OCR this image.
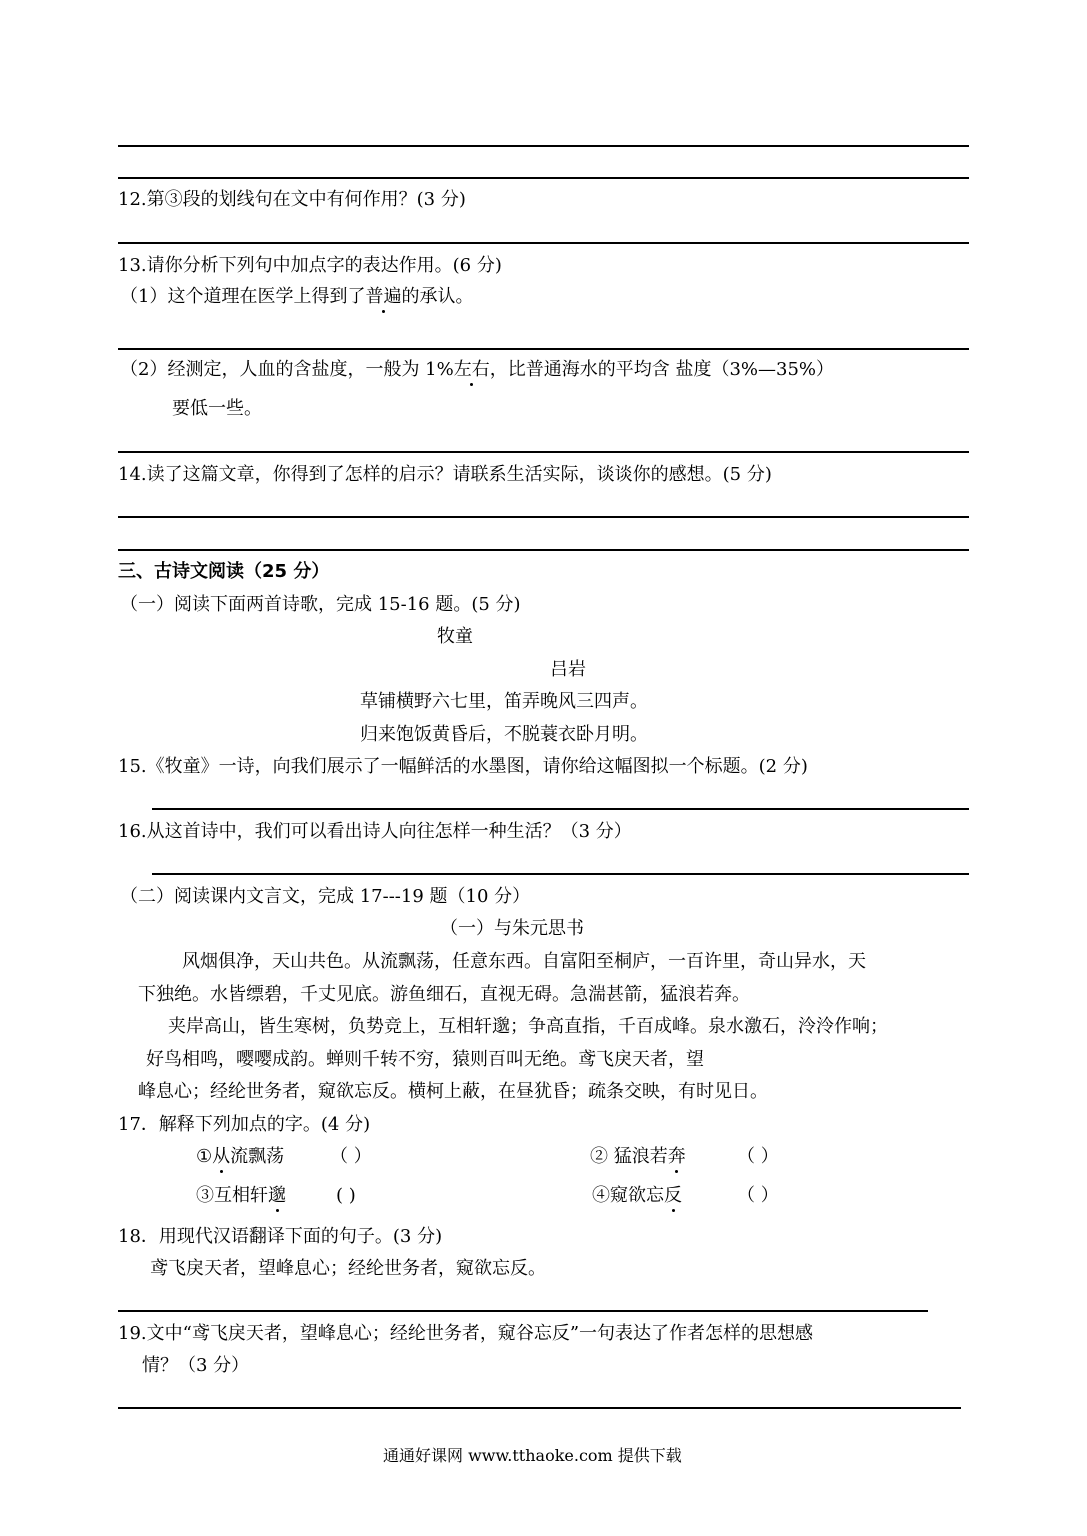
12.第③段的划线句在文中有何作用？(3 分)
13.请你分析下列句中加点字的表达作用。(6 分)
（1）这个道理在医学上得到了普遍的承认。
（2）经测定，人血的含盐度，一般为 1%左右，比普通海水的平均含 盐度（3%—35%）
要低一些。
14.读了这篇文章，你得到了怎样的启示？请联系生活实际，谈谈你的感想。(5 分)
三、古诗文阅读（25 分）
（一）阅读下面两首诗歌，完成 15-16 题。(5 分)
牧童
吕岩
草铺横野六七里，笛弄晚风三四声。
归来饱饭黄昏后，不脱蓑衣卧月明。
15.《牧童》一诗，向我们展示了一幅鲜活的水墨图，请你给这幅图拟一个标题。(2 分)
16.从这首诗中，我们可以看出诗人向往怎样一种生活？（3 分）
（二）阅读课内文言文，完成 17---19 题（10 分）
（一）与朱元思书
风烟俱净，天山共色。从流飘荡，任意东西。自富阳至桐庐，一百许里，奇山异水，天
下独绝。水皆缥碧，千丈见底。游鱼细石，直视无碍。急湍甚箭，猛浪若奔。
夹岸高山，皆生寒树，负势竞上，互相轩邈；争高直指，千百成峰。泉水激石，泠泠作响；
好鸟相鸣，嘤嘤成韵。蝉则千转不穷，猿则百叫无绝。鸢飞戾天者，望
峰息心；经纶世务者，窥欲忘反。横柯上蔽，在昼犹昏；疏条交映，有时见日。
17．解释下列加点的字。(4 分)
①从流飘荡	（ ）	② 猛浪若奔	（ ）
③互相轩邈	( )	④窥欲忘反	（ ）
18．用现代汉语翻译下面的句子。(3 分)
鸢飞戾天者，望峰息心；经纶世务者，窥欲忘反。
19.文中“鸢飞戾天者，望峰息心；经纶世务者，窥谷忘反”一句表达了作者怎样的思想感
情？（3 分）
通通好课网 www.tthaoke.com 提供下载
